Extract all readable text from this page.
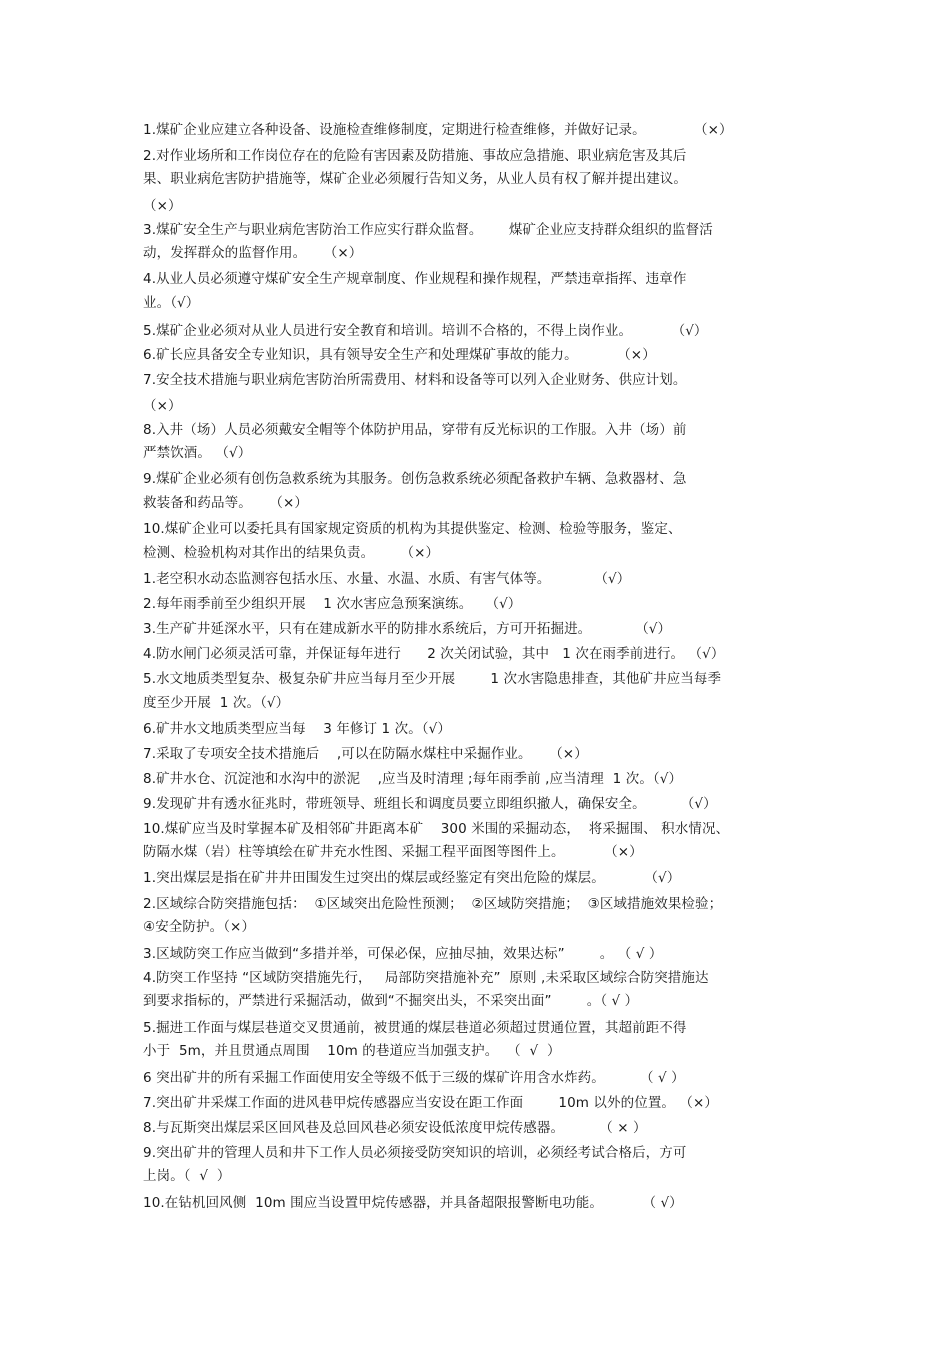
1.煤矿企业应建立各种设备、设施检查维修制度，定期进行检查维修，并做好记录。           （×）
2.对作业场所和工作岗位存在的危险有害因素及防措施、事故应急措施、职业病危害及其后
果、职业病危害防护措施等，煤矿企业必须履行告知义务，从业人员有权了解并提出建议。
（×）
3.煤矿安全生产与职业病危害防治工作应实行群众监督。      煤矿企业应支持群众组织的监督活
动，发挥群众的监督作用。    （×）
4.从业人员必须遵守煤矿安全生产规章制度、作业规程和操作规程，严禁违章指挥、违章作
业。（√）
5.煤矿企业必须对从业人员进行安全教育和培训。培训不合格的，不得上岗作业。         （√）
6.矿长应具备安全专业知识，具有领导安全生产和处理煤矿事故的能力。         （×）
7.安全技术措施与职业病危害防治所需费用、材料和设备等可以列入企业财务、供应计划。
（×）
8.入井（场）人员必须戴安全帽等个体防护用品，穿带有反光标识的工作服。入井（场）前
严禁饮酒。 （√）
9.煤矿企业必须有创伤急救系统为其服务。创伤急救系统必须配备救护车辆、急救器材、急
救装备和药品等。    （×）
10.煤矿企业可以委托具有国家规定资质的机构为其提供鉴定、检测、检验等服务，鉴定、
检测、检验机构对其作出的结果负责。      （×）
1.老空积水动态监测容包括水压、水量、水温、水质、有害气体等。          （√）
2.每年雨季前至少组织开展    1 次水害应急预案演练。   （√）
3.生产矿井延深水平，只有在建成新水平的防排水系统后，方可开拓掘进。          （√）
4.防水闸门必须灵活可靠，并保证每年进行      2 次关闭试验，其中   1 次在雨季前进行。 （√）
5.水文地质类型复杂、极复杂矿井应当每月至少开展        1 次水害隐患排查，其他矿井应当每季
度至少开展  1 次。（√）
6.矿井水文地质类型应当每    3 年修订 1 次。（√）
7.采取了专项安全技术措施后    ,可以在防隔水煤柱中采掘作业。    （×）
8.矿井水仓、沉淀池和水沟中的淤泥    ,应当及时清理 ;每年雨季前 ,应当清理  1 次。（√）
9.发现矿井有透水征兆时，带班领导、班组长和调度员要立即组织撤人，确保安全。        （√）
10.煤矿应当及时掌握本矿及相邻矿井距离本矿    300 米围的采掘动态，  将采掘围、 积水情况、
防隔水煤（岩）柱等填绘在矿井充水性图、采掘工程平面图等图件上。         （×）
1.突出煤层是指在矿井井田围发生过突出的煤层或经鉴定有突出危险的煤层。         （√）
2.区域综合防突措施包括：  ①区域突出危险性预测；  ②区域防突措施；  ③区域措施效果检验；
④安全防护。（×）
3.区域防突工作应当做到“多措并举，可保必保，应抽尽抽，效果达标”        。 （ √ ）
4.防突工作坚持 “区域防突措施先行，   局部防突措施补充”  原则 ,未采取区域综合防突措施达
到要求指标的，严禁进行采掘活动，做到“不掘突出头，不采突出面”        。（ √ ）
5.掘进工作面与煤层巷道交叉贯通前，被贯通的煤层巷道必须超过贯通位置，其超前距不得
小于  5m，并且贯通点周围    10m 的巷道应当加强支护。  （  √  ）
6 突出矿井的所有采掘工作面使用安全等级不低于三级的煤矿许用含水炸药。        （ √ ）
7.突出矿井采煤工作面的进风巷甲烷传感器应当安设在距工作面        10m 以外的位置。 （×）
8.与瓦斯突出煤层采区回风巷及总回风巷必须安设低浓度甲烷传感器。        （ × ）
9.突出矿井的管理人员和井下工作人员必须接受防突知识的培训，必须经考试合格后，方可
上岗。（  √  ）
10.在钻机回风侧  10m 围应当设置甲烷传感器，并具备超限报警断电功能。         （ √）
